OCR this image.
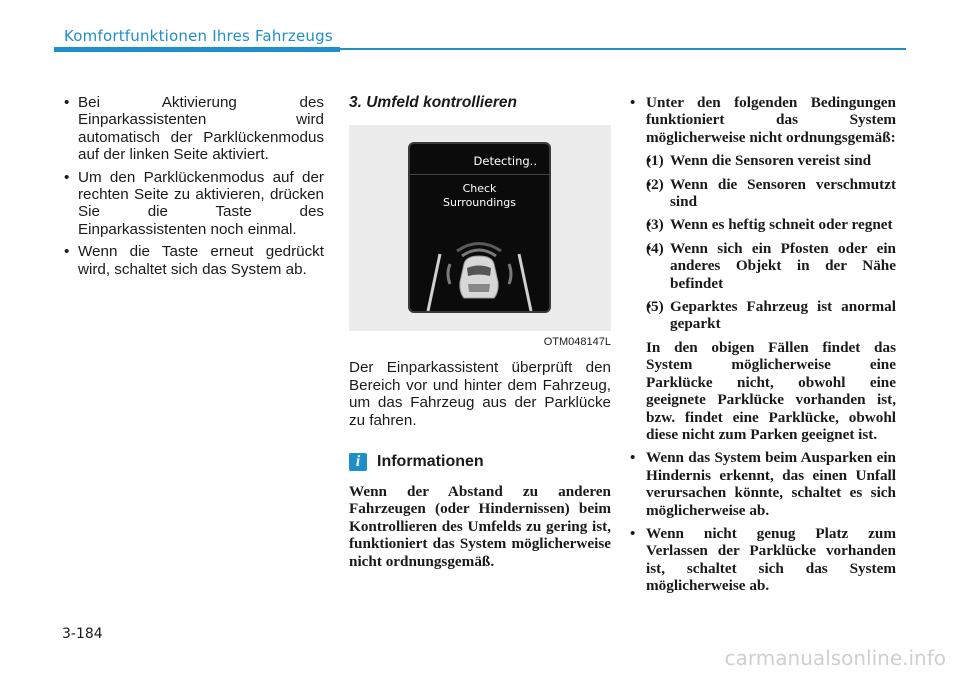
Komfortfunktionen Ihres Fahrzeugs
• Bei Aktivierung des Einparkassistenten wird automatisch der Parklückenmodus auf der linken Seite aktiviert.
• Um den Parklückenmodus auf der rechten Seite zu aktivieren, drücken Sie die Taste des Einparkassistenten noch einmal.
• Wenn die Taste erneut gedrückt wird, schaltet sich das System ab.
3. Umfeld kontrollieren
Detecting..
Check
Surroundings
OTM048147L

Der Einparkassistent überprüft den Bereich vor und hinter dem Fahrzeug, um das Fahrzeug aus der Parklücke zu fahren.

i	Informationen
Wenn der Abstand zu anderen Fahrzeugen (oder Hindernissen) beim Kontrollieren des Umfelds zu gering ist, funktioniert das System möglicherweise nicht ordnungsgemäß.
• Unter den folgenden Bedingungen funktioniert das System möglicherweise nicht ordnungsgemäß:
• (1) Wenn die Sensoren vereist sind
• (2) Wenn die Sensoren verschmutzt sind
• (3) Wenn es heftig schneit oder regnet
• (4) Wenn sich ein Pfosten oder ein anderes Objekt in der Nähe befindet
• (5) Geparktes Fahrzeug ist anormal geparkt
In den obigen Fällen findet das System möglicherweise eine Parklücke nicht, obwohl eine geeignete Parklücke vorhanden ist, bzw. findet eine Parklücke, obwohl diese nicht zum Parken geeignet ist.
• Wenn das System beim Ausparken ein Hindernis erkennt, das einen Unfall verursachen könnte, schaltet es sich möglicherweise ab.
• Wenn nicht genug Platz zum Verlassen der Parklücke vorhanden ist, schaltet sich das System möglicherweise ab.
3-184
carmanualsonline.info
